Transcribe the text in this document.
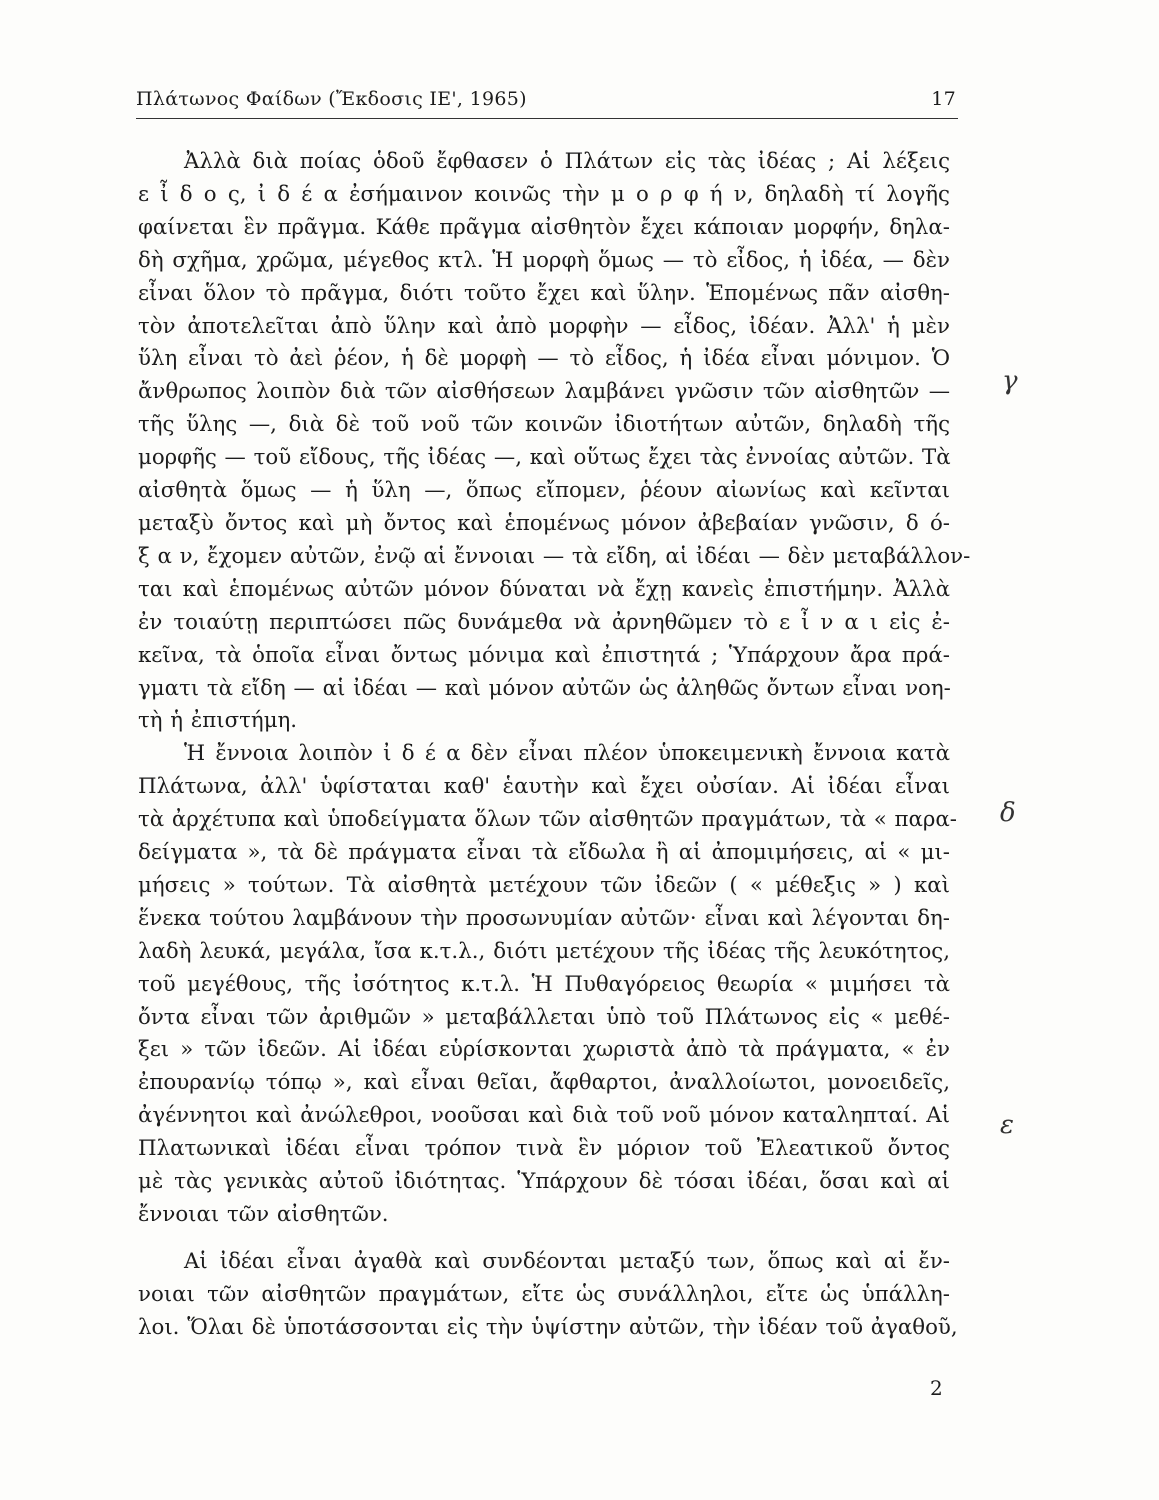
Πλάτωνος Φαίδων (Ἔκδοσις ΙΕ', 1965)	17
Ἀλλὰ διὰ ποίας ὁδοῦ ἔφθασεν ὁ Πλάτων εἰς τὰς ἰδέας ; Αἱ λέξεις
ε ἶ δ ο ς, ἰ δ έ α ἐσήμαινον κοινῶς τὴν μ ο ρ φ ή ν, δηλαδὴ τί λογῆς
φαίνεται ἓν πρᾶγμα. Κάθε πρᾶγμα αἰσθητὸν ἔχει κάποιαν μορφήν, δηλα-
δὴ σχῆμα, χρῶμα, μέγεθος κτλ. Ἡ μορφὴ ὅμως — τὸ εἶδος, ἡ ἰδέα, — δὲν
εἶναι ὅλον τὸ πρᾶγμα, διότι τοῦτο ἔχει καὶ ὕλην. Ἑπομένως πᾶν αἰσθη-
τὸν ἀποτελεῖται ἀπὸ ὕλην καὶ ἀπὸ μορφὴν — εἶδος, ἰδέαν. Ἀλλ' ἡ μὲν
ὕλη εἶναι τὸ ἀεὶ ῥέον, ἡ δὲ μορφὴ — τὸ εἶδος, ἡ ἰδέα εἶναι μόνιμον. Ὁ
ἄνθρωπος λοιπὸν διὰ τῶν αἰσθήσεων λαμβάνει γνῶσιν τῶν αἰσθητῶν —
τῆς ὕλης —, διὰ δὲ τοῦ νοῦ τῶν κοινῶν ἰδιοτήτων αὐτῶν, δηλαδὴ τῆς
μορφῆς — τοῦ εἴδους, τῆς ἰδέας —, καὶ οὕτως ἔχει τὰς ἐννοίας αὐτῶν. Τὰ
αἰσθητὰ ὅμως — ἡ ὕλη —, ὅπως εἴπομεν, ῥέουν αἰωνίως καὶ κεῖνται
μεταξὺ ὄντος καὶ μὴ ὄντος καὶ ἑπομένως μόνον ἀβεβαίαν γνῶσιν, δ ό-
ξ α ν, ἔχομεν αὐτῶν, ἐνῷ αἱ ἔννοιαι — τὰ εἴδη, αἱ ἰδέαι — δὲν μεταβάλλον-
ται καὶ ἑπομένως αὐτῶν μόνον δύναται νὰ ἔχῃ κανεὶς ἐπιστήμην. Ἀλλὰ
ἐν τοιαύτῃ περιπτώσει πῶς δυνάμεθα νὰ ἀρνηθῶμεν τὸ ε ἶ ν α ι εἰς ἐ-
κεῖνα, τὰ ὁποῖα εἶναι ὄντως μόνιμα καὶ ἐπιστητά ; Ὑπάρχουν ἄρα πρά-
γματι τὰ εἴδη — αἱ ἰδέαι — καὶ μόνον αὐτῶν ὡς ἀληθῶς ὄντων εἶναι νοη-
τὴ ἡ ἐπιστήμη.
Ἡ ἔννοια λοιπὸν ἰ δ έ α δὲν εἶναι πλέον ὑποκειμενικὴ ἔννοια κατὰ
Πλάτωνα, ἀλλ' ὑφίσταται καθ' ἑαυτὴν καὶ ἔχει οὐσίαν. Αἱ ἰδέαι εἶναι
τὰ ἀρχέτυπα καὶ ὑποδείγματα ὅλων τῶν αἰσθητῶν πραγμάτων, τὰ « παρα-
δείγματα », τὰ δὲ πράγματα εἶναι τὰ εἴδωλα ἢ αἱ ἀπομιμήσεις, αἱ « μι-
μήσεις » τούτων. Τὰ αἰσθητὰ μετέχουν τῶν ἰδεῶν ( « μέθεξις » ) καὶ
ἕνεκα τούτου λαμβάνουν τὴν προσωνυμίαν αὐτῶν· εἶναι καὶ λέγονται δη-
λαδὴ λευκά, μεγάλα, ἴσα κ.τ.λ., διότι μετέχουν τῆς ἰδέας τῆς λευκότητος,
τοῦ μεγέθους, τῆς ἰσότητος κ.τ.λ. Ἡ Πυθαγόρειος θεωρία « μιμήσει τὰ
ὄντα εἶναι τῶν ἀριθμῶν » μεταβάλλεται ὑπὸ τοῦ Πλάτωνος εἰς « μεθέ-
ξει » τῶν ἰδεῶν. Αἱ ἰδέαι εὑρίσκονται χωριστὰ ἀπὸ τὰ πράγματα, « ἐν
ἐπουρανίῳ τόπῳ », καὶ εἶναι θεῖαι, ἄφθαρτοι, ἀναλλοίωτοι, μονοειδεῖς,
ἀγέννητοι καὶ ἀνώλεθροι, νοοῦσαι καὶ διὰ τοῦ νοῦ μόνον καταληπταί. Αἱ
Πλατωνικαὶ ἰδέαι εἶναι τρόπον τινὰ ἓν μόριον τοῦ Ἐλεατικοῦ ὄντος
μὲ τὰς γενικὰς αὐτοῦ ἰδιότητας. Ὑπάρχουν δὲ τόσαι ἰδέαι, ὅσαι καὶ αἱ
ἔννοιαι τῶν αἰσθητῶν.
Αἱ ἰδέαι εἶναι ἀγαθὰ καὶ συνδέονται μεταξύ των, ὅπως καὶ αἱ ἔν-
νοιαι τῶν αἰσθητῶν πραγμάτων, εἴτε ὡς συνάλληλοι, εἴτε ὡς ὑπάλλη-
λοι. Ὅλαι δὲ ὑποτάσσονται εἰς τὴν ὑψίστην αὐτῶν, τὴν ἰδέαν τοῦ ἀγαθοῦ,
γ
δ
ε
2
